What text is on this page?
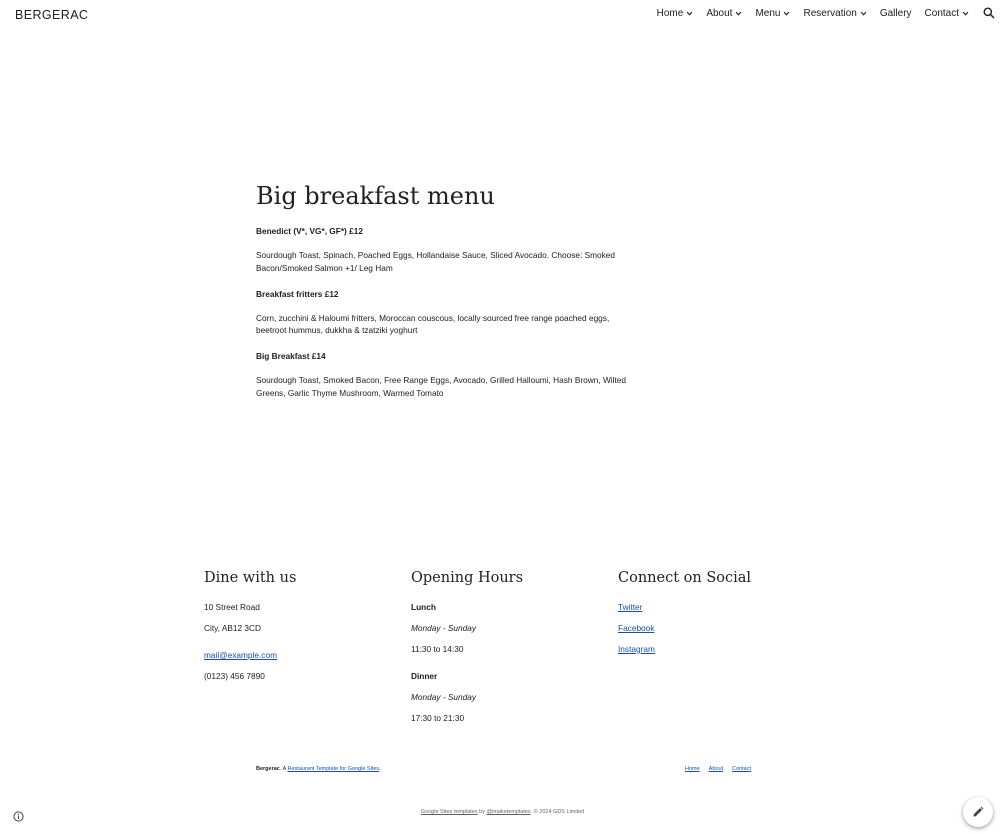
BERGERAC	Home About Menu Reservation Gallery Contact
Big breakfast menu
Benedict (V*, VG*, GF*) £12
Sourdough Toast, Spinach, Poached Eggs, Hollandaise Sauce, Sliced Avocado. Choose: Smoked Bacon/Smoked Salmon +1/ Leg Ham
Breakfast fritters £12
Corn, zucchini & Haloumi fritters, Moroccan couscous, locally sourced free range poached eggs, beetroot hummus, dukkha & tzatziki yoghurt
Big Breakfast £14
Sourdough Toast, Smoked Bacon, Free Range Eggs, Avocado, Grilled Halloumi, Hash Brown, Wilted Greens, Garlic Thyme Mushroom, Warmed Tomato
Dine with us
10 Street Road
City, AB12 3CD
mail@example.com
(0123) 456 7890
Opening Hours
Lunch
Monday - Sunday
11:30 to 14:30
Dinner
Monday - Sunday
17:30 to 21:30
Connect on Social
Twitter
Facebook
Instagram
Bergerac. A Restaurant Template for Google Sites.	Home About Contact
Google Sites templates by @imaketemplates. © 2024 GDS Limited
